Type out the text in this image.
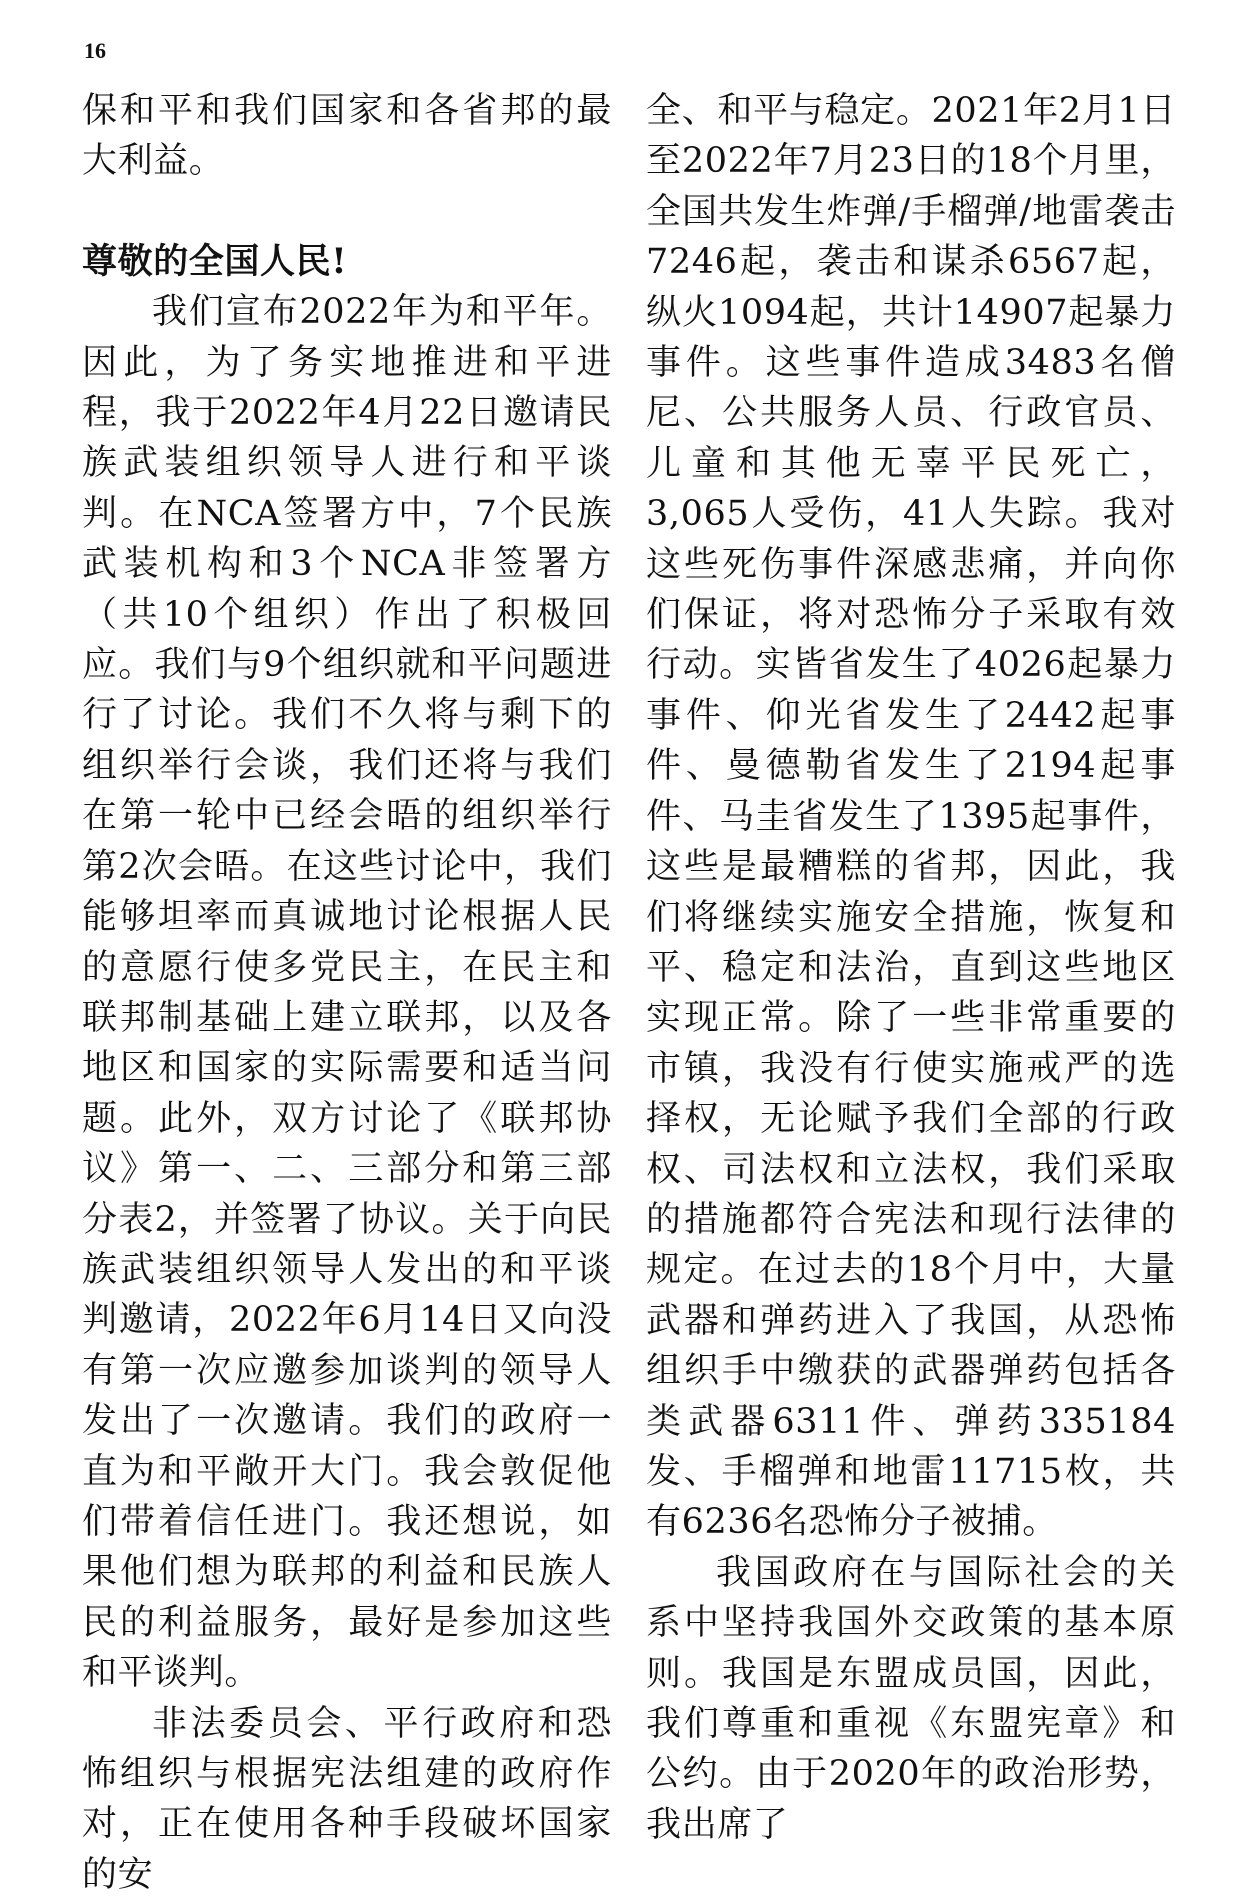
16

保和平和我们国家和各省邦的最大利益。

尊敬的全国人民!

我们宣布2022年为和平年。因此，为了务实地推进和平进程，我于2022年4月22日邀请民族武装组织领导人进行和平谈判。在NCA签署方中，7个民族武装机构和3个NCA非签署方（共10个组织）作出了积极回应。我们与9个组织就和平问题进行了讨论。我们不久将与剩下的组织举行会谈，我们还将与我们在第一轮中已经会晤的组织举行第2次会晤。在这些讨论中，我们能够坦率而真诚地讨论根据人民的意愿行使多党民主，在民主和联邦制基础上建立联邦，以及各地区和国家的实际需要和适当问题。此外，双方讨论了《联邦协议》第一、二、三部分和第三部分表2，并签署了协议。关于向民族武装组织领导人发出的和平谈判邀请，2022年6月14日又向没有第一次应邀参加谈判的领导人发出了一次邀请。我们的政府一直为和平敞开大门。我会敦促他们带着信任进门。我还想说，如果他们想为联邦的利益和民族人民的利益服务，最好是参加这些和平谈判。

非法委员会、平行政府和恐怖组织与根据宪法组建的政府作对，正在使用各种手段破坏国家的安

全、和平与稳定。2021年2月1日至2022年7月23日的18个月里，全国共发生炸弹/手榴弹/地雷袭击7246起，袭击和谋杀6567起，纵火1094起，共计14907起暴力事件。这些事件造成3483名僧尼、公共服务人员、行政官员、儿童和其他无辜平民死亡，3,065人受伤，41人失踪。我对这些死伤事件深感悲痛，并向你们保证，将对恐怖分子采取有效行动。实皆省发生了4026起暴力事件、仰光省发生了2442起事件、曼德勒省发生了2194起事件、马圭省发生了1395起事件，这些是最糟糕的省邦，因此，我们将继续实施安全措施，恢复和平、稳定和法治，直到这些地区实现正常。除了一些非常重要的市镇，我没有行使实施戒严的选择权，无论赋予我们全部的行政权、司法权和立法权，我们采取的措施都符合宪法和现行法律的规定。在过去的18个月中，大量武器和弹药进入了我国，从恐怖组织手中缴获的武器弹药包括各类武器6311件、弹药335184发、手榴弹和地雷11715枚，共有6236名恐怖分子被捕。

我国政府在与国际社会的关系中坚持我国外交政策的基本原则。我国是东盟成员国，因此，我们尊重和重视《东盟宪章》和公约。由于2020年的政治形势，我出席了
